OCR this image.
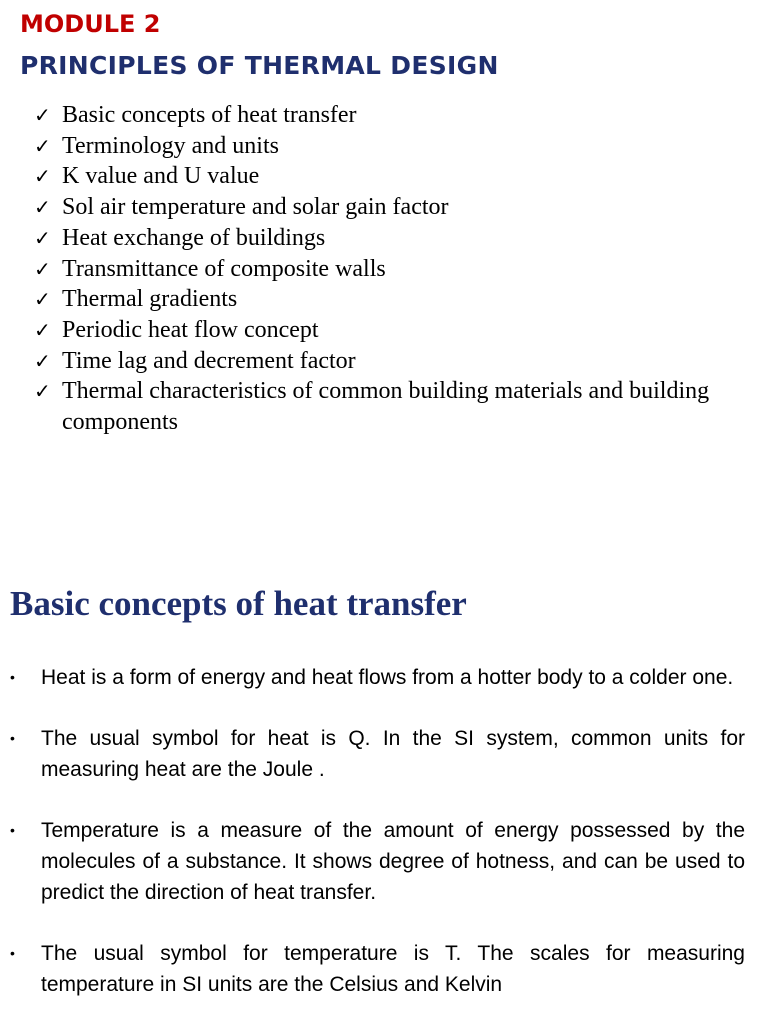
MODULE 2
PRINCIPLES OF THERMAL DESIGN
✓ Basic concepts of heat transfer
✓ Terminology and units
✓ K value and U value
✓ Sol air temperature and solar gain factor
✓ Heat exchange of buildings
✓ Transmittance of composite walls
✓ Thermal gradients
✓ Periodic heat flow concept
✓ Time lag and decrement factor
✓ Thermal characteristics of common building materials and building components
Basic concepts of heat transfer
•	Heat is a form of energy and heat flows from a hotter body to a colder one.
•	The usual symbol for heat is Q. In the SI system, common units for measuring heat are the Joule .
•	Temperature is a measure of the amount of energy possessed by the molecules of a substance. It shows degree of hotness, and can be used to predict the direction of heat transfer.
•	The usual symbol for temperature is T. The scales for measuring temperature in SI units are the Celsius and Kelvin
